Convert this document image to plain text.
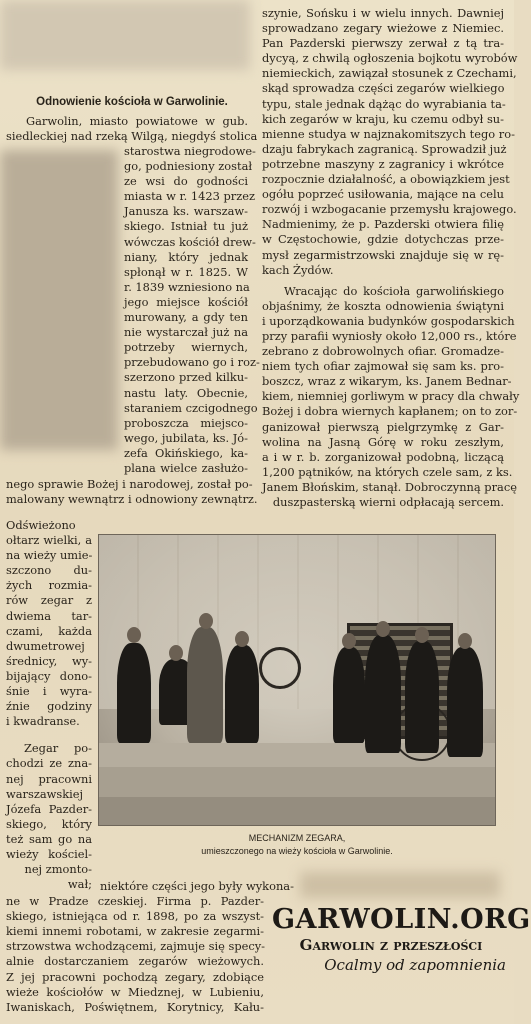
Odnowienie kościoła w Garwolinie.
Garwolin, miasto powiatowe w gub.
siedleckiej nad rzeką Wilgą, niegdyś stolica
starostwa niegrodowe-
go, podniesiony został
ze wsi do godności
miasta w r. 1423 przez
Janusza ks. warszaw-
skiego. Istniał tu już
wówczas kościół drew-
niany, który jednak
spłonął w r. 1825. W
r. 1839 wzniesiono na
jego miejsce kościół
murowany, a gdy ten
nie wystarczał już na
potrzeby wiernych,
przebudowano go i roz-
szerzono przed kilku-
nastu laty. Obecnie,
staraniem czcigodnego
proboszcza miejsco-
wego, jubilata, ks. Jó-
zefa Okińskiego, ka-
plana wielce zasłużo-
nego sprawie Bożej i narodowej, został po-
malowany wewnątrz i odnowiony zewnątrz.
szynie, Sońsku i w wielu innych. Dawniej
sprowadzano zegary wieżowe z Niemiec.
Pan Pazderski pierwszy zerwał z tą tra-
dycyą, z chwilą ogłoszenia bojkotu wyrobów
niemieckich, zawiązał stosunek z Czechami,
skąd sprowadza części zegarów wielkiego
typu, stale jednak dążąc do wyrabiania ta-
kich zegarów w kraju, ku czemu odbył su-
mienne studya w najznakomitszych tego ro-
dzaju fabrykach zagranicą. Sprowadził już
potrzebne maszyny z zagranicy i wkrótce
rozpocznie działalność, a obowiązkiem jest
ogółu poprzeć usiłowania, mające na celu
rozwój i wzbogacanie przemysłu krajowego.
Nadmienimy, że p. Pazderski otwiera filię
w Częstochowie, gdzie dotychczas prze-
mysł zegarmistrzowski znajduje się w rę-
kach Żydów.
Wracając do kościoła garwolińskiego
objaśnimy, że koszta odnowienia świątyni
i uporządkowania budynków gospodarskich
przy parafii wyniosły około 12,000 rs., które
zebrano z dobrowolnych ofiar. Gromadze-
niem tych ofiar zajmował się sam ks. pro-
boszcz, wraz z wikarym, ks. Janem Bednar-
kiem, niemniej gorliwym w pracy dla chwały
Bożej i dobra wiernych kapłanem; on to zor-
ganizował pierwszą pielgrzymkę z Gar-
wolina na Jasną Górę w roku zeszłym,
a i w r. b. zorganizował podobną, liczącą
1,200 pątników, na których czele sam, z ks.
Janem Błońskim, stanął. Dobroczynną pracę
duszpasterską wierni odpłacają sercem.
Odświeżono
ołtarz wielki, a
na wieży umie-
szczono du-
żych rozmia-
rów zegar z
dwiema tar-
czami, każda
dwumetrowej
średnicy, wy-
bijający dono-
śnie i wyra-
źnie godziny
i kwadranse.
Zegar po-
chodzi ze zna-
nej pracowni
warszawskiej
Józefa Pazder-
skiego, który
też sam go na
wieży kościel-
nej zmonto-
wał; niektóre części jego były wykona-
ne w Pradze czeskiej. Firma p. Pazder-
skiego, istniejąca od r. 1898, po za wszyst-
kiemi innemi robotami, w zakresie zegarmi-
strzowstwa wchodzącemi, zajmuje się specy-
alnie dostarczaniem zegarów wieżowych.
Z jej pracowni pochodzą zegary, zdobiące
wieże kościołów w Miedznej, w Lubieniu,
Iwaniskach, Poświętnem, Korytnicy, Kału-
MECHANIZM ZEGARA,
umieszczonego na wieży kościoła w Garwolinie.
GARWOLIN.ORG
Garwolin z przeszłości
Ocalmy od zapomnienia
